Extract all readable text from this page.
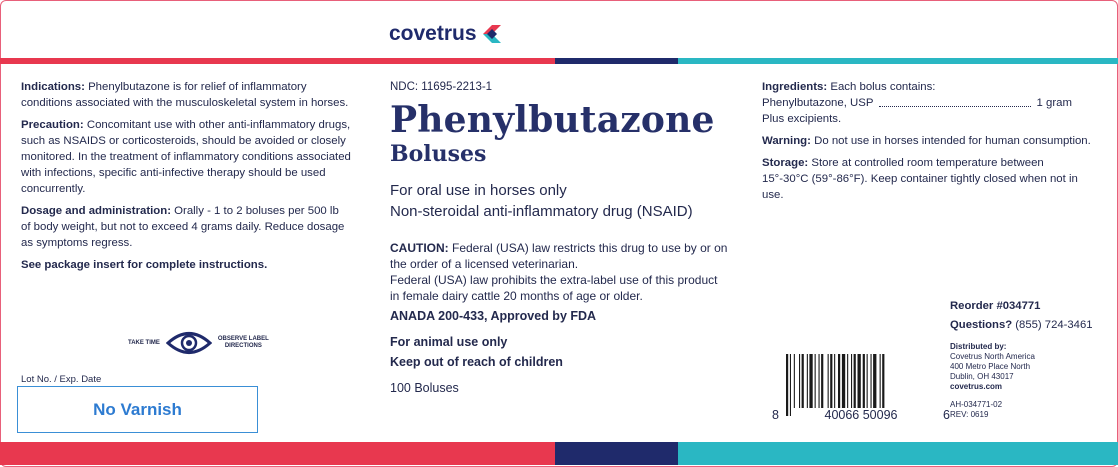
covetrus

Indications: Phenylbutazone is for relief of inflammatory conditions associated with the musculoskeletal system in horses.

Precaution: Concomitant use with other anti-inflammatory drugs, such as NSAIDS or corticosteroids, should be avoided or closely monitored. In the treatment of inflammatory conditions associated with infections, specific anti-infective therapy should be used concurrently.

Dosage and administration: Orally - 1 to 2 boluses per 500 lb of body weight, but not to exceed 4 grams daily. Reduce dosage as symptoms regress.

See package insert for complete instructions.

TAKE TIME
OBSERVE LABEL
DIRECTIONS
Lot No. / Exp. Date
No Varnish
NDC: 11695-2213-1
Phenylbutazone
Boluses
For oral use in horses only
Non-steroidal anti-inflammatory drug (NSAID)
CAUTION: Federal (USA) law restricts this drug to use by or on the order of a licensed veterinarian.
Federal (USA) law prohibits the extra-label use of this product in female dairy cattle 20 months of age or older.
ANADA 200-433, Approved by FDA
For animal use only
Keep out of reach of children
100 Boluses
Ingredients: Each bolus contains:
Phenylbutazone, USP	1 gram

Plus excipients.

Warning: Do not use in horses intended for human consumption.

Storage: Store at controlled room temperature between 15°-30°C (59°-86°F). Keep container tightly closed when not in use.

8	40066 50096	6
Reorder #034771
Questions? (855) 724-3461
Distributed by:
Covetrus North America
400 Metro Place North
Dublin, OH 43017
covetrus.com
AH-034771-02
REV: 0619
